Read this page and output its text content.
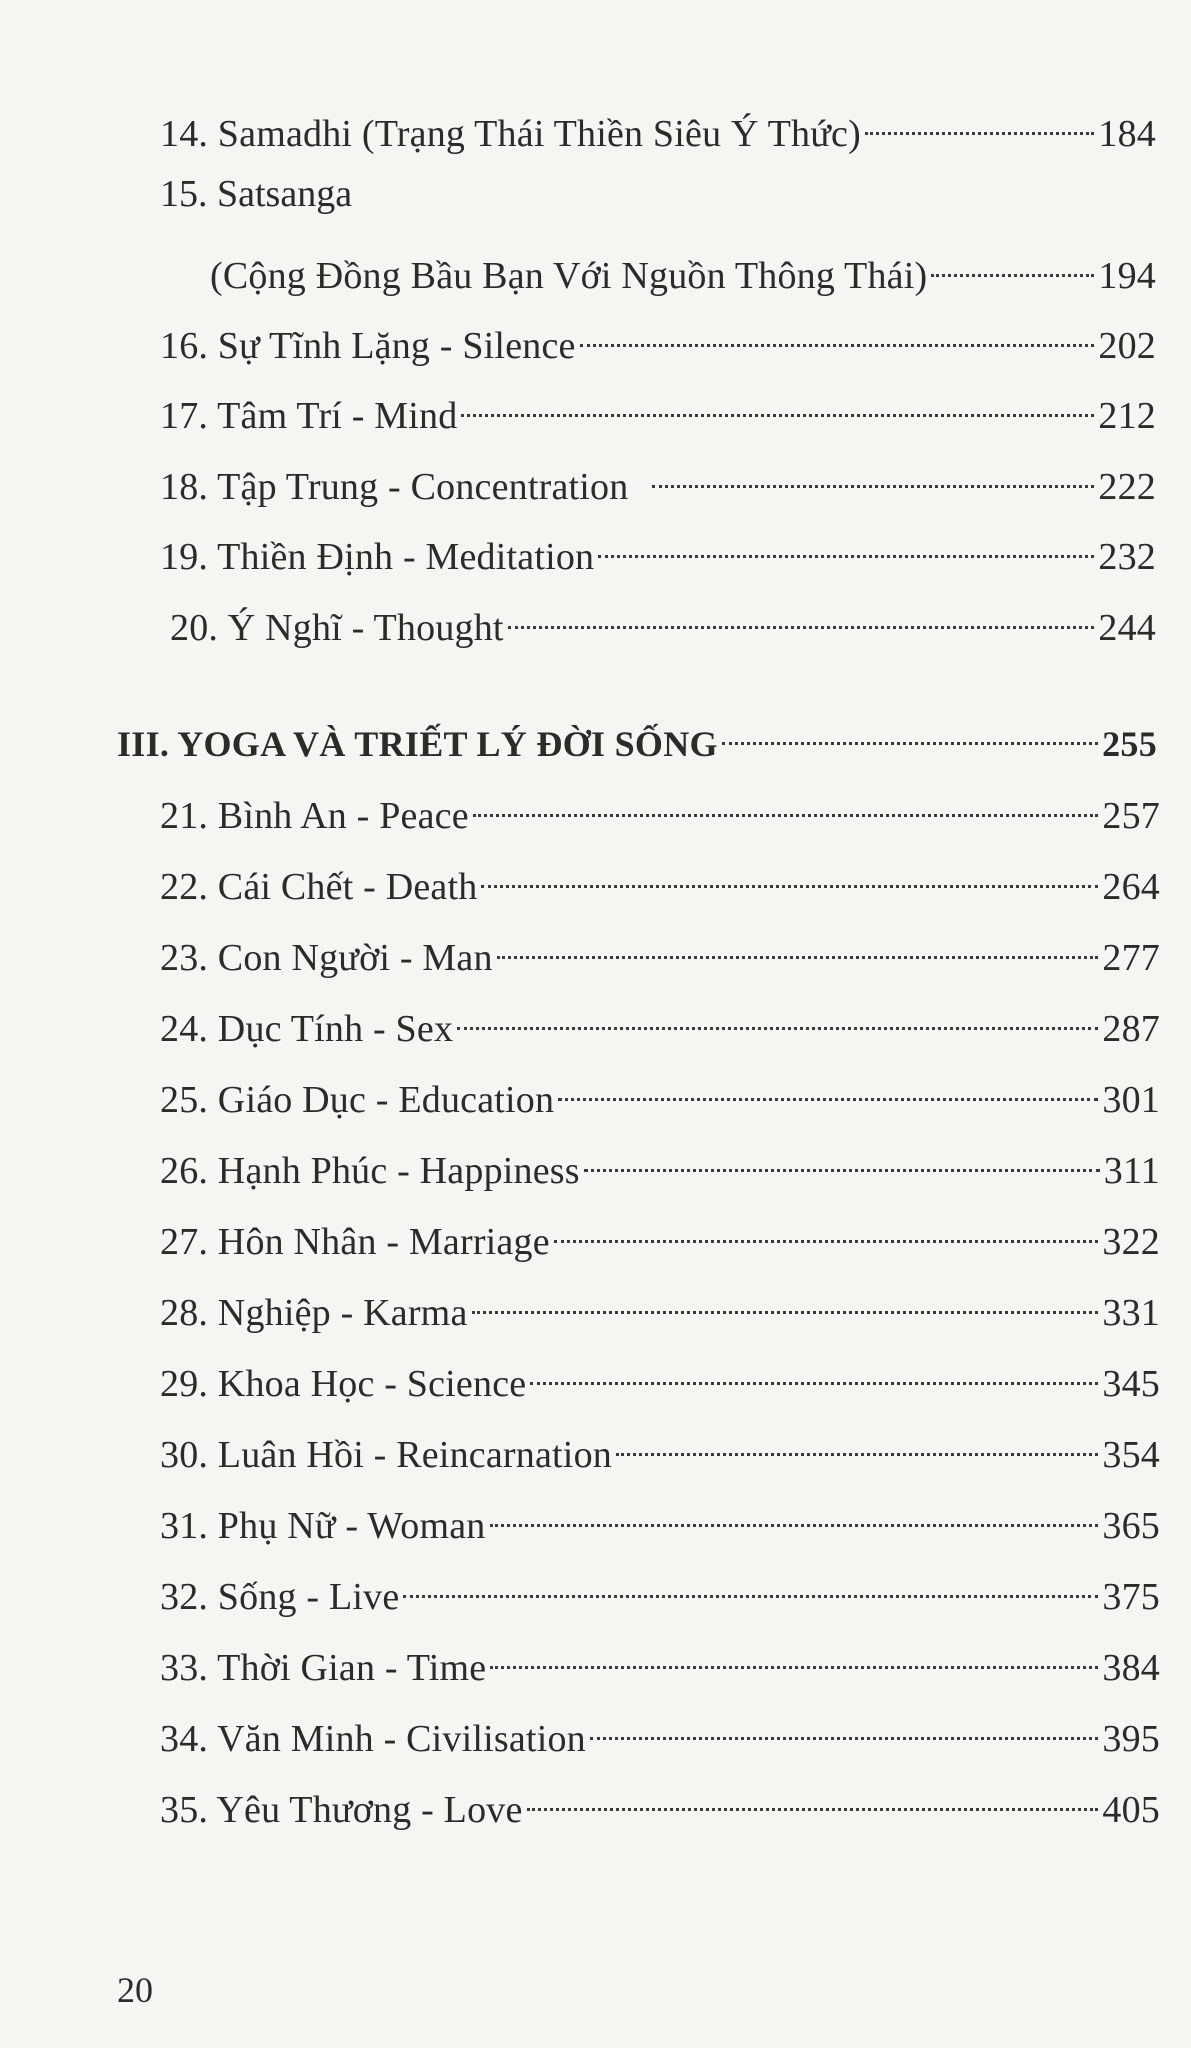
14. Samadhi (Trạng Thái Thiền Siêu Ý Thức)	184
15. Satsanga
(Cộng Đồng Bầu Bạn Với Nguồn Thông Thái)	194
16. Sự Tĩnh Lặng - Silence	202
17. Tâm Trí - Mind	212
18. Tập Trung - Concentration	222
19. Thiền Định - Meditation	232
20. Ý Nghĩ - Thought	244
III. YOGA VÀ TRIẾT LÝ ĐỜI SỐNG	255
21. Bình An - Peace	257
22. Cái Chết - Death	264
23. Con Người - Man	277
24. Dục Tính - Sex	287
25. Giáo Dục - Education	301
26. Hạnh Phúc - Happiness	311
27. Hôn Nhân - Marriage	322
28. Nghiệp - Karma	331
29. Khoa Học - Science	345
30. Luân Hồi - Reincarnation	354
31. Phụ Nữ - Woman	365
32. Sống - Live	375
33. Thời Gian - Time	384
34. Văn Minh - Civilisation	395
35. Yêu Thương - Love	405
20
